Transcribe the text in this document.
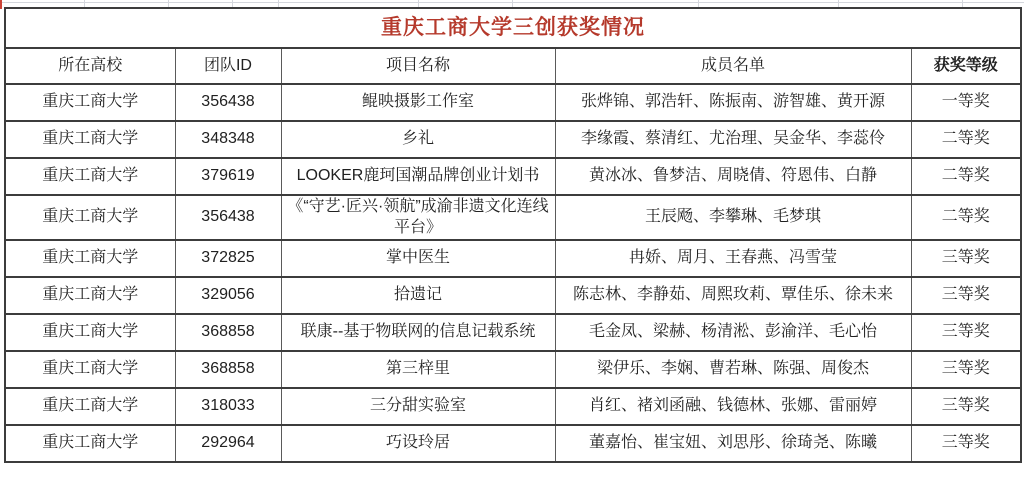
重庆工商大学三创获奖情况				
所在高校	团队ID	项目名称	成员名单	获奖等级
重庆工商大学	356438	鲲映摄影工作室	张烨锦、郭浩轩、陈振南、游智雄、黄开源	一等奖
重庆工商大学	348348	乡礼	李缘霞、蔡清红、尤治理、吴金华、李蕊伶	二等奖
重庆工商大学	379619	LOOKER鹿珂国潮品牌创业计划书	黄冰冰、鲁梦洁、周晓倩、符恩伟、白静	二等奖
重庆工商大学	356438	《“守艺·匠兴·领航”成渝非遗文化连线平台》	王辰飏、李攀琳、毛梦琪	二等奖
重庆工商大学	372825	掌中医生	冉娇、周月、王春燕、冯雪莹	三等奖
重庆工商大学	329056	拾遗记	陈志林、李静茹、周熙玫莉、覃佳乐、徐未来	三等奖
重庆工商大学	368858	联康--基于物联网的信息记载系统	毛金凤、梁赫、杨清淞、彭渝洋、毛心怡	三等奖
重庆工商大学	368858	第三梓里	梁伊乐、李娴、曹若琳、陈强、周俊杰	三等奖
重庆工商大学	318033	三分甜实验室	肖红、褚刘函融、钱德林、张娜、雷丽婷	三等奖
重庆工商大学	292964	巧设玲居	董嘉怡、崔宝妞、刘思彤、徐琦尧、陈曦	三等奖
